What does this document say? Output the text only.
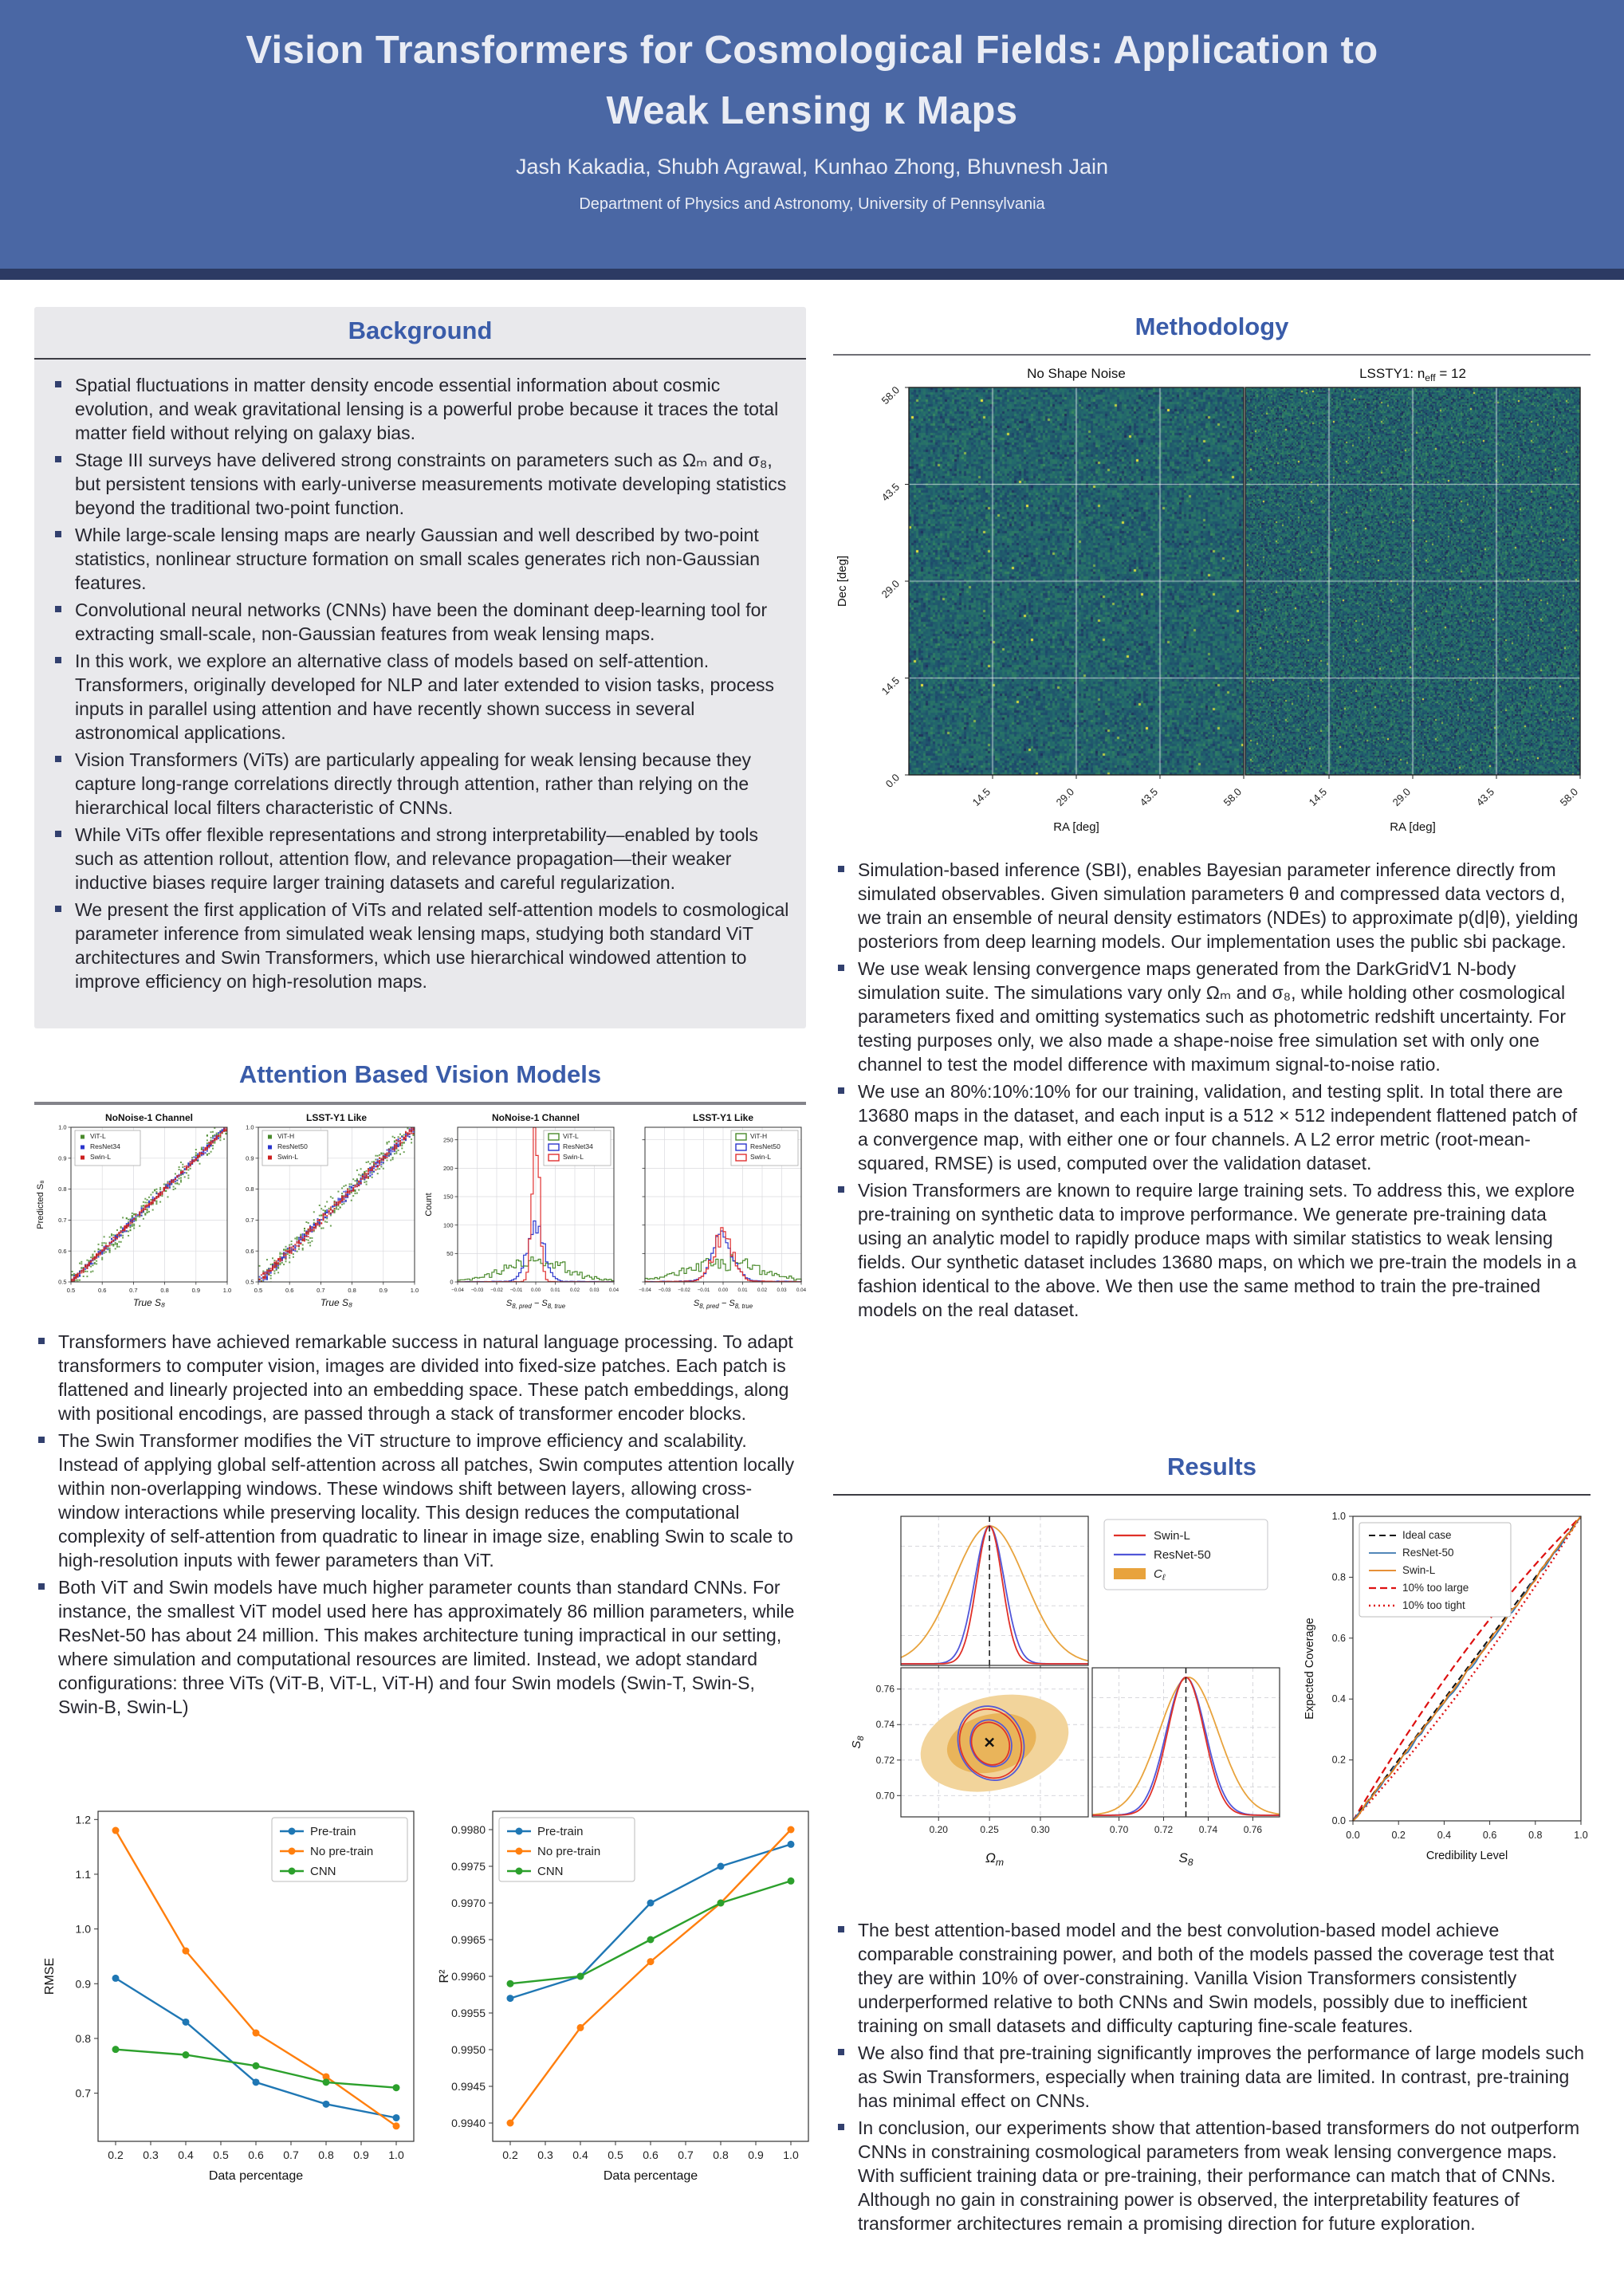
Vision Transformers for Cosmological Fields: Application to
Weak Lensing κ Maps
Jash Kakadia, Shubh Agrawal, Kunhao Zhong, Bhuvnesh Jain
Department of Physics and Astronomy, University of Pennsylvania
Background
Spatial fluctuations in matter density encode essential information about cosmic evolution, and weak gravitational lensing is a powerful probe because it traces the total matter field without relying on galaxy bias.
Stage III surveys have delivered strong constraints on parameters such as Ωₘ and σ₈, but persistent tensions with early-universe measurements motivate developing statistics beyond the traditional two-point function.
While large-scale lensing maps are nearly Gaussian and well described by two-point statistics, nonlinear structure formation on small scales generates rich non-Gaussian features.
Convolutional neural networks (CNNs) have been the dominant deep-learning tool for extracting small-scale, non-Gaussian features from weak lensing maps.
In this work, we explore an alternative class of models based on self-attention. Transformers, originally developed for NLP and later extended to vision tasks, process inputs in parallel using attention and have recently shown success in several astronomical applications.
Vision Transformers (ViTs) are particularly appealing for weak lensing because they capture long-range correlations directly through attention, rather than relying on the hierarchical local filters characteristic of CNNs.
While ViTs offer flexible representations and strong interpretability—enabled by tools such as attention rollout, attention flow, and relevance propagation—their weaker inductive biases require larger training datasets and careful regularization.
We present the first application of ViTs and related self-attention models to cosmological parameter inference from simulated weak lensing maps, studying both standard ViT architectures and Swin Transformers, which use hierarchical windowed attention to improve efficiency on high-resolution maps.
Attention Based Vision Models
NoNoise-1 Channel
0.5	0.6	0.7	0.8	0.9	1.0
0.5
0.6
0.7
0.8
0.9
1.0
True S₈
Predicted S₈
ViT-L
ResNet34
Swin-L
LSST-Y1 Like
0.5	0.6	0.7	0.8	0.9	1.0
0.5
0.6
0.7
0.8
0.9
1.0
True S₈
ViT-H
ResNet50
Swin-L
NoNoise-1 Channel
−0.04 −0.03 −0.02 −0.01 0.00 0.01 0.02 0.03 0.04
0
50
100
150
200
250
$S_{8, pred} - S_{8, true}$
Count
ViT-L
ResNet34
Swin-L
LSST-Y1 Like
−0.04 −0.03 −0.02 −0.01 0.00 0.01 0.02 0.03 0.04
$S_{8, pred} - S_{8, true}$
ViT-H
ResNet50
Swin-L
Transformers have achieved remarkable success in natural language processing. To adapt transformers to computer vision, images are divided into fixed-size patches. Each patch is flattened and linearly projected into an embedding space. These patch embeddings, along with positional encodings, are passed through a stack of transformer encoder blocks.
The Swin Transformer modifies the ViT structure to improve efficiency and scalability. Instead of applying global self-attention across all patches, Swin computes attention locally within non-overlapping windows. These windows shift between layers, allowing cross-window interactions while preserving locality. This design reduces the computational complexity of self-attention from quadratic to linear in image size, enabling Swin to scale to high-resolution inputs with fewer parameters than ViT.
Both ViT and Swin models have much higher parameter counts than standard CNNs. For instance, the smallest ViT model used here has approximately 86 million parameters, while ResNet-50 has about 24 million. This makes architecture tuning impractical in our setting, where simulation and computational resources are limited. Instead, we adopt standard configurations: three ViTs (ViT-B, ViT-L, ViT-H) and four Swin models (Swin-T, Swin-S, Swin-B, Swin-L)
0.2 0.3 0.4 0.5 0.6 0.7 0.8 0.9 1.0
0.7
0.8
0.9
1.0
1.1
1.2
Data percentage
RMSE
Pre-train
No pre-train
CNN
0.2 0.3 0.4 0.5 0.6 0.7 0.8 0.9 1.0
0.9940
0.9945
0.9950
0.9955
0.9960
0.9965
0.9970
0.9975
0.9980
Data percentage
R²
Pre-train
No pre-train
CNN
Methodology
No Shape Noise
14.5	29.0	43.5	58.0
RA [deg]
LSSTY1: $n_{eff} = 12$
14.5	29.0	43.5	58.0
RA [deg]
0.0
14.5
29.0
43.5
58.0
Dec [deg]
Simulation-based inference (SBI), enables Bayesian parameter inference directly from simulated observables. Given simulation parameters θ and compressed data vectors d, we train an ensemble of neural density estimators (NDEs) to approximate p(d|θ), yielding posteriors from deep learning models. Our implementation uses the public sbi package.
We use weak lensing convergence maps generated from the DarkGridV1 N-body simulation suite. The simulations vary only Ωₘ and σ₈, while holding other cosmological parameters fixed and omitting systematics such as photometric redshift uncertainty. For testing purposes only, we also made a shape-noise free simulation set with only one channel to test the model difference with maximum signal-to-noise ratio.
We use an 80%:10%:10% for our training, validation, and testing split. In total there are 13680 maps in the dataset, and each input is a 512 × 512 independent flattened patch of a convergence map, with either one or four channels. A L2 error metric (root-mean-squared, RMSE) is used, computed over the validation dataset.
Vision Transformers are known to require large training sets. To address this, we explore pre-training on synthetic data to improve performance. We generate pre-training data using an analytic model to rapidly produce maps with similar statistics to weak lensing fields. Our synthetic dataset includes 13680 maps, on which we pre-train the models in a fashion identical to the above. We then use the same method to train the pre-trained models on the real dataset.
Results
0.20	0.25	0.30	0.70
0.70
0.72
0.72
0.74
0.74
0.76
0.76
$\Omega_m$	$S_8$
$S_8$
Swin-L
ResNet-50
$C_\ell$
0.0
0.0
0.2
0.2
0.4
0.4
0.6
0.6
0.8
0.8
1.0
1.0
Credibility Level
Expected Coverage
Ideal case
ResNet-50
Swin-L
10% too large
10% too tight
The best attention-based model and the best convolution-based model achieve comparable constraining power, and both of the models passed the coverage test that they are within 10% of over-constraining. Vanilla Vision Transformers consistently underperformed relative to both CNNs and Swin models, possibly due to inefficient training on small datasets and difficulty capturing fine-scale features.
We also find that pre-training significantly improves the performance of large models such as Swin Transformers, especially when training data are limited. In contrast, pre-training has minimal effect on CNNs.
In conclusion, our experiments show that attention-based transformers do not outperform CNNs in constraining cosmological parameters from weak lensing convergence maps. With sufficient training data or pre-training, their performance can match that of CNNs. Although no gain in constraining power is observed, the interpretability features of transformer architectures remain a promising direction for future exploration.
